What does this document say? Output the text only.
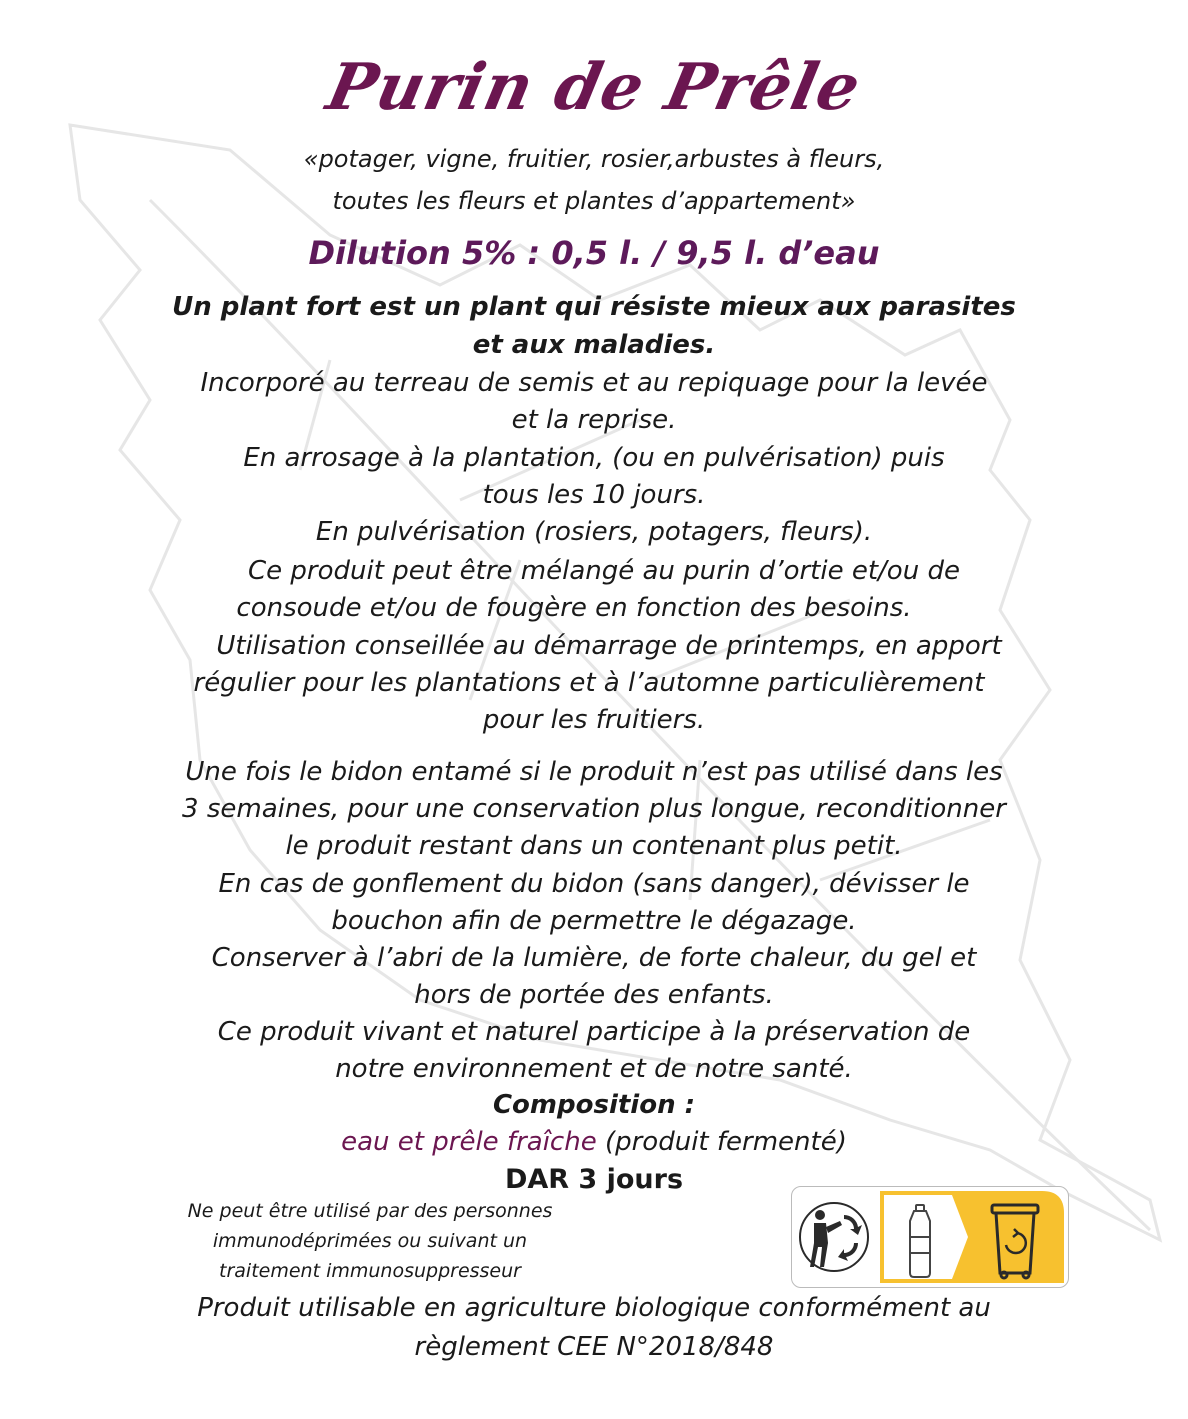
Purin de Prêle

«potager, vigne, fruitier, rosier,arbustes à fleurs,

toutes les fleurs et plantes d’appartement»

Dilution 5% : 0,5 l. / 9,5 l. d’eau

Un plant fort est un plant qui résiste mieux aux parasites

et aux maladies.

Incorporé au terreau de semis et au repiquage pour la levée

et la reprise.

En arrosage à la plantation, (ou en pulvérisation) puis

tous les 10 jours.

En pulvérisation (rosiers, potagers, fleurs).

Ce produit peut être mélangé au purin d’ortie et/ou de

consoude et/ou de fougère en fonction des besoins.

Utilisation conseillée au démarrage de printemps, en apport

régulier pour les plantations et à l’automne particulièrement

pour les fruitiers.

Une fois le bidon entamé si le produit n’est pas utilisé dans les

3 semaines, pour une conservation plus longue, reconditionner

le produit restant dans un contenant plus petit.

En cas de gonflement du bidon (sans danger), dévisser le

bouchon afin de permettre le dégazage.

Conserver à l’abri de la lumière, de forte chaleur, du gel et

hors de portée des enfants.

Ce produit vivant et naturel participe à la préservation de

notre environnement et de notre santé.

Composition :

eau et prêle fraîche (produit fermenté)

DAR 3 jours

Ne peut être utilisé par des personnes

immunodéprimées ou suivant un

traitement immunosuppresseur

Produit utilisable en agriculture biologique conformément au

règlement CEE N°2018/848
